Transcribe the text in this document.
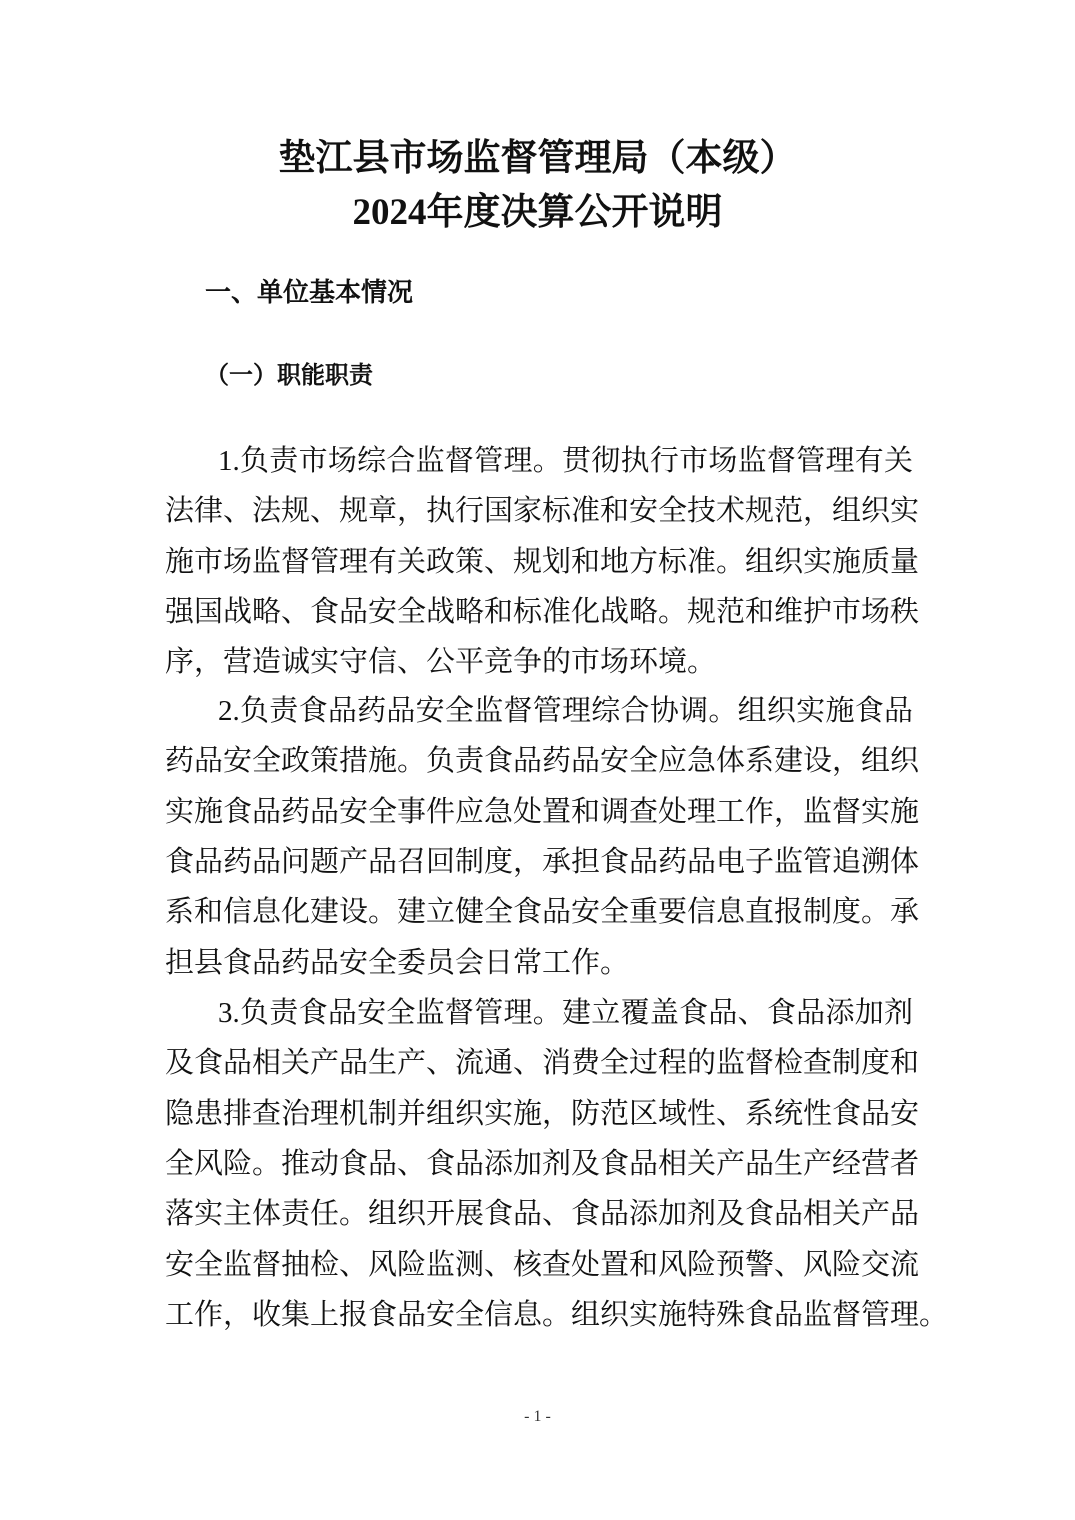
垫江县市场监督管理局（本级）
2024年度决算公开说明
一、单位基本情况
（一）职能职责
1.负责市场综合监督管理。贯彻执行市场监督管理有关
法律、法规、规章，执行国家标准和安全技术规范，组织实
施市场监督管理有关政策、规划和地方标准。组织实施质量
强国战略、食品安全战略和标准化战略。规范和维护市场秩
序，营造诚实守信、公平竞争的市场环境。
2.负责食品药品安全监督管理综合协调。组织实施食品
药品安全政策措施。负责食品药品安全应急体系建设，组织
实施食品药品安全事件应急处置和调查处理工作，监督实施
食品药品问题产品召回制度，承担食品药品电子监管追溯体
系和信息化建设。建立健全食品安全重要信息直报制度。承
担县食品药品安全委员会日常工作。
3.负责食品安全监督管理。建立覆盖食品、食品添加剂
及食品相关产品生产、流通、消费全过程的监督检查制度和
隐患排查治理机制并组织实施，防范区域性、系统性食品安
全风险。推动食品、食品添加剂及食品相关产品生产经营者
落实主体责任。组织开展食品、食品添加剂及食品相关产品
安全监督抽检、风险监测、核查处置和风险预警、风险交流
工作，收集上报食品安全信息。组织实施特殊食品监督管理。
- 1 -
